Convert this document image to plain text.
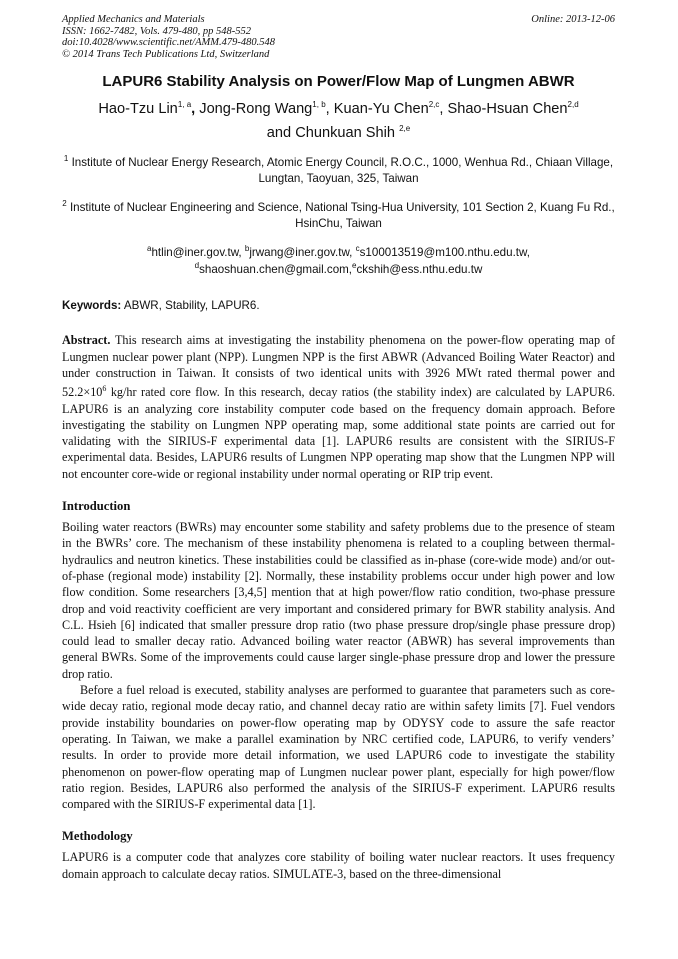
Applied Mechanics and Materials
ISSN: 1662-7482, Vols. 479-480, pp 548-552
doi:10.4028/www.scientific.net/AMM.479-480.548
© 2014 Trans Tech Publications Ltd, Switzerland
Online: 2013-12-06
LAPUR6 Stability Analysis on Power/Flow Map of Lungmen ABWR
Hao-Tzu Lin$^{1, a}$, Jong-Rong Wang$^{1, b}$, Kuan-Yu Chen$^{2,c}$, Shao-Hsuan Chen$^{2,d}$
and Chunkuan Shih $^{2,e}$
$^1$ Institute of Nuclear Energy Research, Atomic Energy Council, R.O.C., 1000, Wenhua Rd., Chiaan Village, Lungtan, Taoyuan, 325, Taiwan
$^2$ Institute of Nuclear Engineering and Science, National Tsing-Hua University, 101 Section 2, Kuang Fu Rd., HsinChu, Taiwan
$^a$htlin@iner.gov.tw, $^b$jrwang@iner.gov.tw, $^c$s100013519@m100.nthu.edu.tw,
$^d$shaoshuan.chen@gmail.com,$^e$ckshih@ess.nthu.edu.tw
Keywords: ABWR, Stability, LAPUR6.

Abstract. This research aims at investigating the instability phenomena on the power-flow operating map of Lungmen nuclear power plant (NPP). Lungmen NPP is the first ABWR (Advanced Boiling Water Reactor) and under construction in Taiwan. It consists of two identical units with 3926 MWt rated thermal power and $52.2\times 10^6$ kg/hr rated core flow. In this research, decay ratios (the stability index) are calculated by LAPUR6. LAPUR6 is an analyzing core instability computer code based on the frequency domain approach. Before investigating the stability on Lungmen NPP operating map, some additional state points are carried out for validating with the SIRIUS-F experimental data [1]. LAPUR6 results are consistent with the SIRIUS-F experimental data. Besides, LAPUR6 results of Lungmen NPP operating map show that the Lungmen NPP will not encounter core-wide or regional instability under normal operating or RIP trip event.

Introduction

Boiling water reactors (BWRs) may encounter some stability and safety problems due to the presence of steam in the BWRs’ core. The mechanism of these instability phenomena is related to a coupling between thermal-hydraulics and neutron kinetics. These instabilities could be classified as in-phase (core-wide mode) and/or out-of-phase (regional mode) instability [2]. Normally, these instability problems occur under high power and low flow condition. Some researchers [3,4,5] mention that at high power/flow ratio condition, two-phase pressure drop and void reactivity coefficient are very important and considered primary for BWR stability analysis. And C.L. Hsieh [6] indicated that smaller pressure drop ratio (two phase pressure drop/single phase pressure drop) could lead to smaller decay ratio. Advanced boiling water reactor (ABWR) has several improvements than general BWRs. Some of the improvements could cause larger single-phase pressure drop and lower the pressure drop ratio.

Before a fuel reload is executed, stability analyses are performed to guarantee that parameters such as core-wide decay ratio, regional mode decay ratio, and channel decay ratio are within safety limits [7]. Fuel vendors provide instability boundaries on power-flow operating map by ODYSY code to assure the safe reactor operating. In Taiwan, we make a parallel examination by NRC certified code, LAPUR6, to verify venders’ results. In order to provide more detail information, we used LAPUR6 code to investigate the stability phenomenon on power-flow operating map of Lungmen nuclear power plant, especially for high power/flow ratio region. Besides, LAPUR6 also performed the analysis of the SIRIUS-F experiment. LAPUR6 results compared with the SIRIUS-F experimental data [1].

Methodology

LAPUR6 is a computer code that analyzes core stability of boiling water nuclear reactors. It uses frequency domain approach to calculate decay ratios. SIMULATE-3, based on the three-dimensional
